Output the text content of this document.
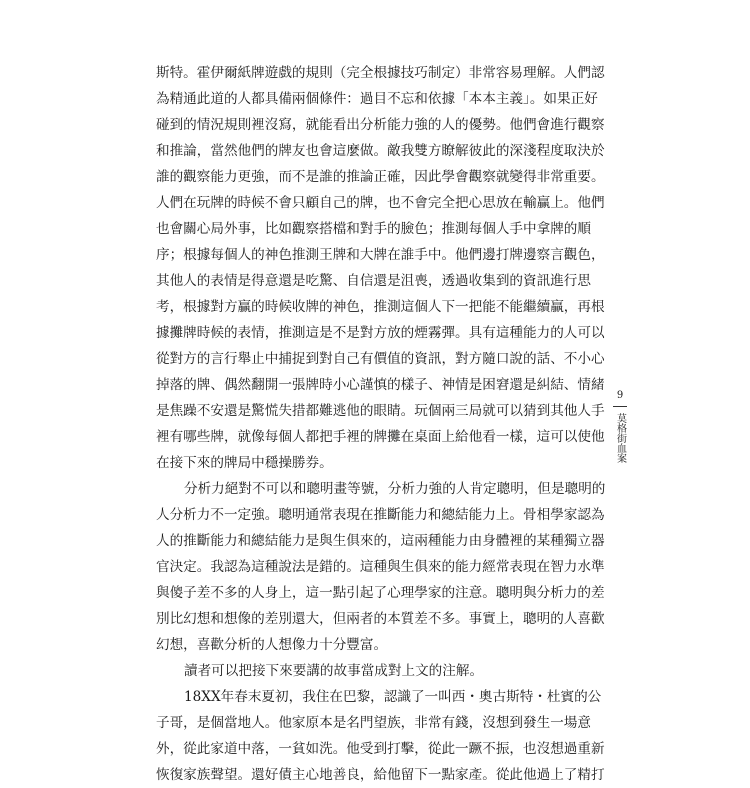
斯特。霍伊爾紙牌遊戲的規則（完全根據技巧制定）非常容易理解。人們認
為精通此道的人都具備兩個條件：過目不忘和依據「本本主義」。如果正好
碰到的情況規則裡沒寫，就能看出分析能力強的人的優勢。他們會進行觀察
和推論，當然他們的牌友也會這麼做。敵我雙方瞭解彼此的深淺程度取決於
誰的觀察能力更強，而不是誰的推論正確，因此學會觀察就變得非常重要。
人們在玩牌的時候不會只顧自己的牌，也不會完全把心思放在輸贏上。他們
也會關心局外事，比如觀察搭檔和對手的臉色；推測每個人手中拿牌的順
序；根據每個人的神色推測王牌和大牌在誰手中。他們邊打牌邊察言觀色，
其他人的表情是得意還是吃驚、自信還是沮喪，透過收集到的資訊進行思
考，根據對方贏的時候收牌的神色，推測這個人下一把能不能繼續贏，再根
據攤牌時候的表情，推測這是不是對方放的煙霧彈。具有這種能力的人可以
從對方的言行舉止中捕捉到對自己有價值的資訊，對方隨口說的話、不小心
掉落的牌、偶然翻開一張牌時小心謹慎的樣子、神情是困窘還是糾結、情緒
是焦躁不安還是驚慌失措都難逃他的眼睛。玩個兩三局就可以猜到其他人手
裡有哪些牌，就像每個人都把手裡的牌攤在桌面上給他看一樣，這可以使他
在接下來的牌局中穩操勝券。
分析力絕對不可以和聰明畫等號，分析力強的人肯定聰明，但是聰明的
人分析力不一定強。聰明通常表現在推斷能力和總結能力上。骨相學家認為
人的推斷能力和總結能力是與生俱來的，這兩種能力由身體裡的某種獨立器
官決定。我認為這種說法是錯的。這種與生俱來的能力經常表現在智力水準
與傻子差不多的人身上，這一點引起了心理學家的注意。聰明與分析力的差
別比幻想和想像的差別還大，但兩者的本質差不多。事實上，聰明的人喜歡
幻想，喜歡分析的人想像力十分豐富。
讀者可以把接下來要講的故事當成對上文的注解。
18XX年春末夏初，我住在巴黎，認識了一叫西・奧古斯特・杜賓的公
子哥，是個當地人。他家原本是名門望族，非常有錢，沒想到發生一場意
外，從此家道中落，一貧如洗。他受到打擊，從此一蹶不振，也沒想過重新
恢復家族聲望。還好債主心地善良，給他留下一點家產。從此他過上了精打
9
莫格街血案
